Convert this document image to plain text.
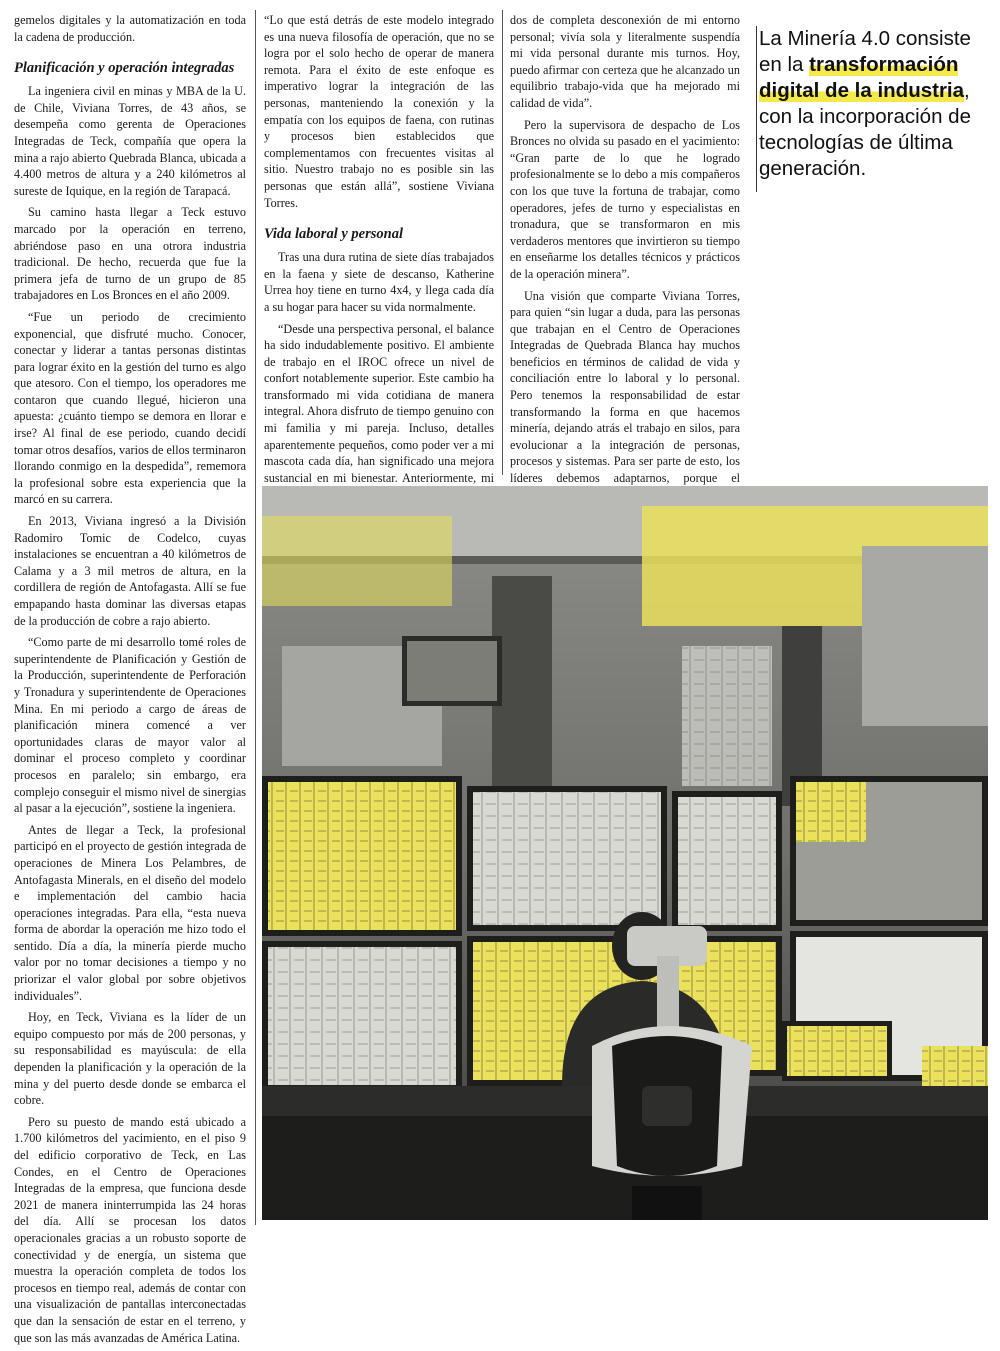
gemelos digitales y la automatización en toda la cadena de producción.

Planificación y operación integradas

La ingeniera civil en minas y MBA de la U. de Chile, Viviana Torres, de 43 años, se desempeña como gerenta de Operaciones Integradas de Teck, compañía que opera la mina a rajo abierto Quebrada Blanca, ubicada a 4.400 metros de altura y a 240 kilómetros al sureste de Iquique, en la región de Tarapacá.

Su camino hasta llegar a Teck estuvo marcado por la operación en terreno, abriéndose paso en una otrora industria tradicional. De hecho, recuerda que fue la primera jefa de turno de un grupo de 85 trabajadores en Los Bronces en el año 2009.

“Fue un periodo de crecimiento exponencial, que disfruté mucho. Conocer, conectar y liderar a tantas personas distintas para lograr éxito en la gestión del turno es algo que atesoro. Con el tiempo, los operadores me contaron que cuando llegué, hicieron una apuesta: ¿cuánto tiempo se demora en llorar e irse? Al final de ese periodo, cuando decidí tomar otros desafíos, varios de ellos terminaron llorando conmigo en la despedida”, rememora la profesional sobre esta experiencia que la marcó en su carrera.

En 2013, Viviana ingresó a la División Radomiro Tomic de Codelco, cuyas instalaciones se encuentran a 40 kilómetros de Calama y a 3 mil metros de altura, en la cordillera de región de Antofagasta. Allí se fue empapando hasta dominar las diversas etapas de la producción de cobre a rajo abierto.

“Como parte de mi desarrollo tomé roles de superintendente de Planificación y Gestión de la Producción, superintendente de Perforación y Tronadura y superintendente de Operaciones Mina. En mi periodo a cargo de áreas de planificación minera comencé a ver oportunidades claras de mayor valor al dominar el proceso completo y coordinar procesos en paralelo; sin embargo, era complejo conseguir el mismo nivel de sinergias al pasar a la ejecución”, sostiene la ingeniera.

Antes de llegar a Teck, la profesional participó en el proyecto de gestión integrada de operaciones de Minera Los Pelambres, de Antofagasta Minerals, en el diseño del modelo e implementación del cambio hacia operaciones integradas. Para ella, “esta nueva forma de abordar la operación me hizo todo el sentido. Día a día, la minería pierde mucho valor por no tomar decisiones a tiempo y no priorizar el valor global por sobre objetivos individuales”.

Hoy, en Teck, Viviana es la líder de un equipo compuesto por más de 200 personas, y su responsabilidad es mayúscula: de ella dependen la planificación y la operación de la mina y del puerto desde donde se embarca el cobre.

Pero su puesto de mando está ubicado a 1.700 kilómetros del yacimiento, en el piso 9 del edificio corporativo de Teck, en Las Condes, en el Centro de Operaciones Integradas de la empresa, que funciona desde 2021 de manera ininterrumpida las 24 horas del día. Allí se procesan los datos operacionales gracias a un robusto soporte de conectividad y de energía, un sistema que muestra la operación completa de todos los procesos en tiempo real, además de contar con una visualización de pantallas interconectadas que dan la sensación de estar en el terreno, y que son las más avanzadas de América Latina.

“Lo que está detrás de este modelo integrado es una nueva filosofía de operación, que no se logra por el solo hecho de operar de manera remota. Para el éxito de este enfoque es imperativo lograr la integración de las personas, manteniendo la conexión y la empatía con los equipos de faena, con rutinas y procesos bien establecidos que complementamos con frecuentes visitas al sitio. Nuestro trabajo no es posible sin las personas que están allá”, sostiene Viviana Torres.

Vida laboral y personal

Tras una dura rutina de siete días trabajados en la faena y siete de descanso, Katherine Urrea hoy tiene en turno 4x4, y llega cada día a su hogar para hacer su vida normalmente.

“Desde una perspectiva personal, el balance ha sido indudablemente positivo. El ambiente de trabajo en el IROC ofrece un nivel de confort notablemente superior. Este cambio ha transformado mi vida cotidiana de manera integral. Ahora disfruto de tiempo genuino con mi familia y mi pareja. Incluso, detalles aparentemente pequeños, como poder ver a mi mascota cada día, han significado una mejora sustancial en mi bienestar. Anteriormente, mi

dos de completa desconexión de mi entorno personal; vivía sola y literalmente suspendía mi vida personal durante mis turnos. Hoy, puedo afirmar con certeza que he alcanzado un equilibrio trabajo-vida que ha mejorado mi calidad de vida”.

Pero la supervisora de despacho de Los Bronces no olvida su pasado en el yacimiento: “Gran parte de lo que he logrado profesionalmente se lo debo a mis compañeros con los que tuve la fortuna de trabajar, como operadores, jefes de turno y especialistas en tronadura, que se transformaron en mis verdaderos mentores que invirtieron su tiempo en enseñarme los detalles técnicos y prácticos de la operación minera”.

Una visión que comparte Viviana Torres, para quien “sin lugar a duda, para las personas que trabajan en el Centro de Operaciones Integradas de Quebrada Blanca hay muchos beneficios en términos de calidad de vida y conciliación entre lo laboral y lo personal. Pero tenemos la responsabilidad de estar transformando la forma en que hacemos minería, dejando atrás el trabajo en silos, para evolucionar a la integración de personas, procesos y sistemas. Para ser parte de esto, los líderes debemos adaptarnos, porque el

La Minería 4.0 consiste en la transformación digital de la industria, con la incorporación de tecnologías de última generación.
